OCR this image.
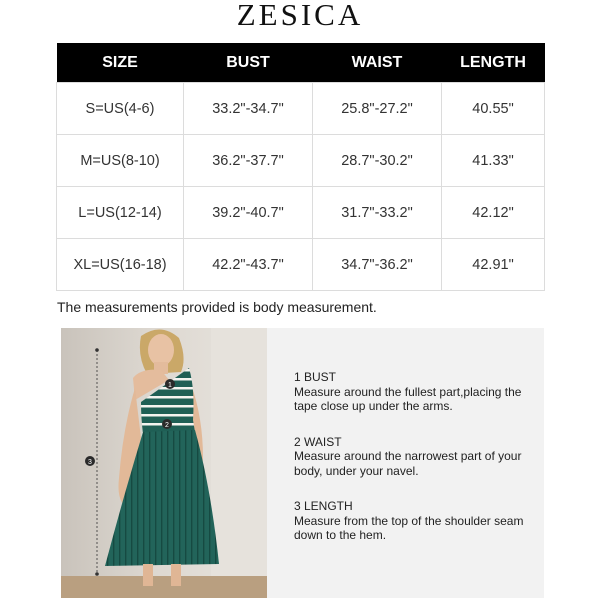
ZESICA
SIZE	BUST	WAIST	LENGTH
S=US(4-6)	33.2"-34.7"	25.8"-27.2"	40.55"
M=US(8-10)	36.2"-37.7"	28.7"-30.2"	41.33"
L=US(12-14)	39.2"-40.7"	31.7"-33.2"	42.12"
XL=US(16-18)	42.2"-43.7"	34.7"-36.2"	42.91"
The measurements provided is body measurement.
1
2
3
1 BUST
Measure around the fullest part,placing the tape close up under the arms.
2 WAIST
Measure around the narrowest part of your body, under your navel.
3 LENGTH
Measure from the top of the shoulder seam down to the hem.
